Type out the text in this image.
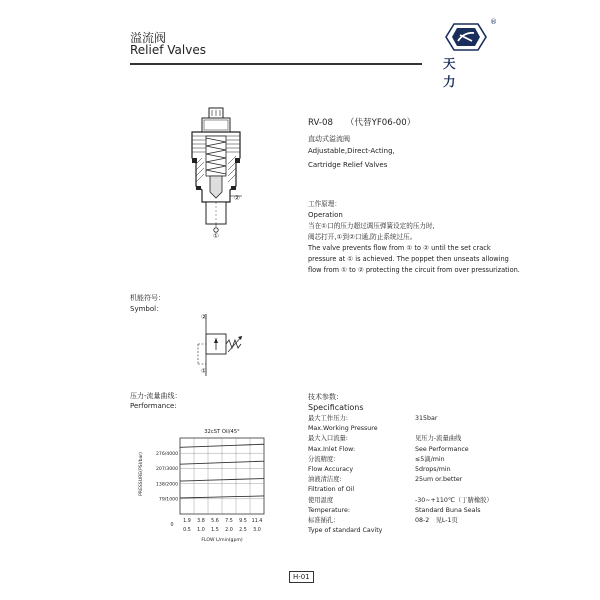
溢流阀
Relief Valves
®
天 力
②
①
RV-08　　（代替YF06-00）
直动式溢流阀
Adjustable,Direct-Acting,
Cartridge Relief Valves
工作原理：
Operation
当在①口的压力超过调压弹簧设定的压力时,
阀芯打开,①到②口通,防止系统过压。
The valve prevents flow from ① to ② until the set crack
pressure at ① is achieved. The poppet then unseats allowing
flow from ① to ② protecting the circuit from over pressurization.
机能符号：
Symbol：
②
①
压力-流量曲线：
Performance:
32cST Oil/45°
276/4000
207/3000
138/2000
79/1000
PRESSURE(PSI/bar)
1.9 3.8 5.6 7.5 9.5 11.4
0.5 1.0 1.5 2.0 2.5 3.0
0
FLOW L/min(gpm)
技术参数：
Specifications
最大工作压力:	315bar
Max.Working Pressure
最大入口流量:	见压力-流量曲线
Max.Inlet Flow:	See Performance
分流精度：	≤5滴/min
Flow Accuracy	5drops/min
油液清洁度:	25um or.better
Filtration of Oil
使用温度	-30~+110℃（丁腈橡胶）
Temperature:	Standard Buna Seals
标准插孔：	08-2　见L-1页
Type of standard Cavity
H-01
